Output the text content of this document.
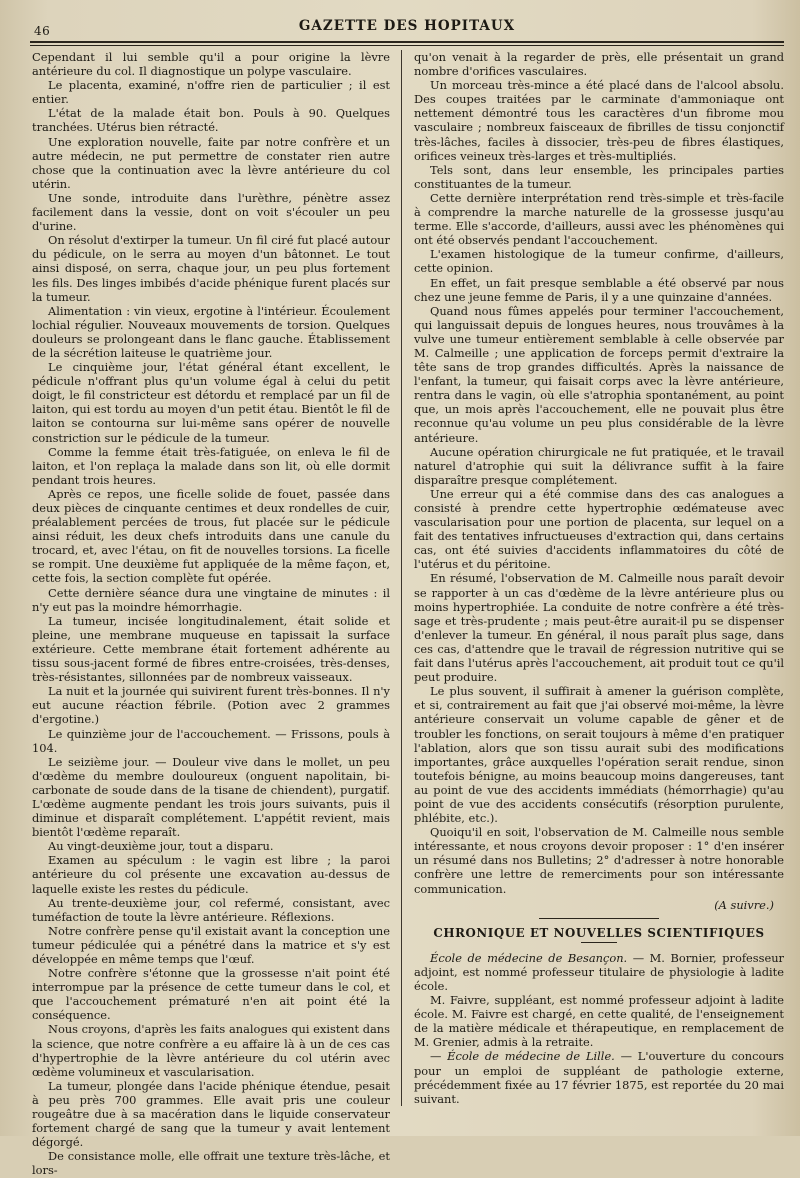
46	GAZETTE DES HOPITAUX

Cependant il lui semble qu'il a pour origine la lèvre antérieure du col. Il diagnostique un polype vasculaire.

Le placenta, examiné, n'offre rien de particulier ; il est entier.

L'état de la malade était bon. Pouls à 90. Quelques tranchées. Utérus bien rétracté.

Une exploration nouvelle, faite par notre confrère et un autre médecin, ne put permettre de constater rien autre chose que la continuation avec la lèvre antérieure du col utérin.

Une sonde, introduite dans l'urèthre, pénètre assez facilement dans la vessie, dont on voit s'écouler un peu d'urine.

On résolut d'extirper la tumeur. Un fil ciré fut placé autour du pédicule, on le serra au moyen d'un bâtonnet. Le tout ainsi disposé, on serra, chaque jour, un peu plus fortement les fils. Des linges imbibés d'acide phénique furent placés sur la tumeur.

Alimentation : vin vieux, ergotine à l'intérieur. Écoulement lochial régulier. Nouveaux mouvements de torsion. Quelques douleurs se prolongeant dans le flanc gauche. Établissement de la sécrétion laiteuse le quatrième jour.

Le cinquième jour, l'état général étant excellent, le pédicule n'offrant plus qu'un volume égal à celui du petit doigt, le fil constricteur est détordu et remplacé par un fil de laiton, qui est tordu au moyen d'un petit étau. Bientôt le fil de laiton se contourna sur lui-même sans opérer de nouvelle constriction sur le pédicule de la tumeur.

Comme la femme était très-fatiguée, on enleva le fil de laiton, et l'on replaça la malade dans son lit, où elle dormit pendant trois heures.

Après ce repos, une ficelle solide de fouet, passée dans deux pièces de cinquante centimes et deux rondelles de cuir, préalablement percées de trous, fut placée sur le pédicule ainsi réduit, les deux chefs introduits dans une canule du trocard, et, avec l'étau, on fit de nouvelles torsions. La ficelle se rompit. Une deuxième fut appliquée de la même façon, et, cette fois, la section complète fut opérée.

Cette dernière séance dura une vingtaine de minutes : il n'y eut pas la moindre hémorrhagie.

La tumeur, incisée longitudinalement, était solide et pleine, une membrane muqueuse en tapissait la surface extérieure. Cette membrane était fortement adhérente au tissu sous-jacent formé de fibres entre-croisées, très-denses, très-résistantes, sillonnées par de nombreux vaisseaux.

La nuit et la journée qui suivirent furent très-bonnes. Il n'y eut aucune réaction fébrile. (Potion avec 2 grammes d'ergotine.)

Le quinzième jour de l'accouchement. — Frissons, pouls à 104.

Le seizième jour. — Douleur vive dans le mollet, un peu d'œdème du membre douloureux (onguent napolitain, bi-carbonate de soude dans de la tisane de chiendent), purgatif. L'œdème augmente pendant les trois jours suivants, puis il diminue et disparaît complétement. L'appétit revient, mais bientôt l'œdème reparaît.

Au vingt-deuxième jour, tout a disparu.

Examen au spéculum : le vagin est libre ; la paroi antérieure du col présente une excavation au-dessus de laquelle existe les restes du pédicule.

Au trente-deuxième jour, col refermé, consistant, avec tuméfaction de toute la lèvre antérieure. Réflexions.

Notre confrère pense qu'il existait avant la conception une tumeur pédiculée qui a pénétré dans la matrice et s'y est développée en même temps que l'œuf.

Notre confrère s'étonne que la grossesse n'ait point été interrompue par la présence de cette tumeur dans le col, et que l'accouchement prématuré n'en ait point été la conséquence.

Nous croyons, d'après les faits analogues qui existent dans la science, que notre confrère a eu affaire là à un de ces cas d'hypertrophie de la lèvre antérieure du col utérin avec œdème volumineux et vascularisation.

La tumeur, plongée dans l'acide phénique étendue, pesait à peu près 700 grammes. Elle avait pris une couleur rougeâtre due à sa macération dans le liquide conservateur fortement chargé de sang que la tumeur y avait lentement dégorgé.

De consistance molle, elle offrait une texture très-lâche, et lors-

qu'on venait à la regarder de près, elle présentait un grand nombre d'orifices vasculaires.

Un morceau très-mince a été placé dans de l'alcool absolu. Des coupes traitées par le carminate d'ammoniaque ont nettement démontré tous les caractères d'un fibrome mou vasculaire ; nombreux faisceaux de fibrilles de tissu conjonctif très-lâches, faciles à dissocier, très-peu de fibres élastiques, orifices veineux très-larges et très-multipliés.

Tels sont, dans leur ensemble, les principales parties constituantes de la tumeur.

Cette dernière interprétation rend très-simple et très-facile à comprendre la marche naturelle de la grossesse jusqu'au terme. Elle s'accorde, d'ailleurs, aussi avec les phénomènes qui ont été observés pendant l'accouchement.

L'examen histologique de la tumeur confirme, d'ailleurs, cette opinion.

En effet, un fait presque semblable a été observé par nous chez une jeune femme de Paris, il y a une quinzaine d'années.

Quand nous fûmes appelés pour terminer l'accouchement, qui languissait depuis de longues heures, nous trouvâmes à la vulve une tumeur entièrement semblable à celle observée par M. Calmeille ; une application de forceps permit d'extraire la tête sans de trop grandes difficultés. Après la naissance de l'enfant, la tumeur, qui faisait corps avec la lèvre antérieure, rentra dans le vagin, où elle s'atrophia spontanément, au point que, un mois après l'accouchement, elle ne pouvait plus être reconnue qu'au volume un peu plus considérable de la lèvre antérieure.

Aucune opération chirurgicale ne fut pratiquée, et le travail naturel d'atrophie qui suit la délivrance suffit à la faire disparaître presque complétement.

Une erreur qui a été commise dans des cas analogues a consisté à prendre cette hypertrophie œdémateuse avec vascularisation pour une portion de placenta, sur lequel on a fait des tentatives infructueuses d'extraction qui, dans certains cas, ont été suivies d'accidents inflammatoires du côté de l'utérus et du péritoine.

En résumé, l'observation de M. Calmeille nous paraît devoir se rapporter à un cas d'œdème de la lèvre antérieure plus ou moins hypertrophiée. La conduite de notre confrère a été très-sage et très-prudente ; mais peut-être aurait-il pu se dispenser d'enlever la tumeur. En général, il nous paraît plus sage, dans ces cas, d'attendre que le travail de régression nutritive qui se fait dans l'utérus après l'accouchement, ait produit tout ce qu'il peut produire.

Le plus souvent, il suffirait à amener la guérison complète, et si, contrairement au fait que j'ai observé moi-même, la lèvre antérieure conservait un volume capable de gêner et de troubler les fonctions, on serait toujours à même d'en pratiquer l'ablation, alors que son tissu aurait subi des modifications importantes, grâce auxquelles l'opération serait rendue, sinon toutefois bénigne, au moins beaucoup moins dangereuses, tant au point de vue des accidents immédiats (hémorrhagie) qu'au point de vue des accidents consécutifs (résorption purulente, phlébite, etc.).

Quoiqu'il en soit, l'observation de M. Calmeille nous semble intéressante, et nous croyons devoir proposer : 1° d'en insérer un résumé dans nos Bulletins; 2° d'adresser à notre honorable confrère une lettre de remerciments pour son intéressante communication.

(A suivre.)
CHRONIQUE ET NOUVELLES SCIENTIFIQUES

École de médecine de Besançon. — M. Bornier, professeur adjoint, est nommé professeur titulaire de physiologie à ladite école.

M. Faivre, suppléant, est nommé professeur adjoint à ladite école. M. Faivre est chargé, en cette qualité, de l'enseignement de la matière médicale et thérapeutique, en remplacement de M. Grenier, admis à la retraite.

— École de médecine de Lille. — L'ouverture du concours pour un emploi de suppléant de pathologie externe, précédemment fixée au 17 février 1875, est reportée du 20 mai suivant.
